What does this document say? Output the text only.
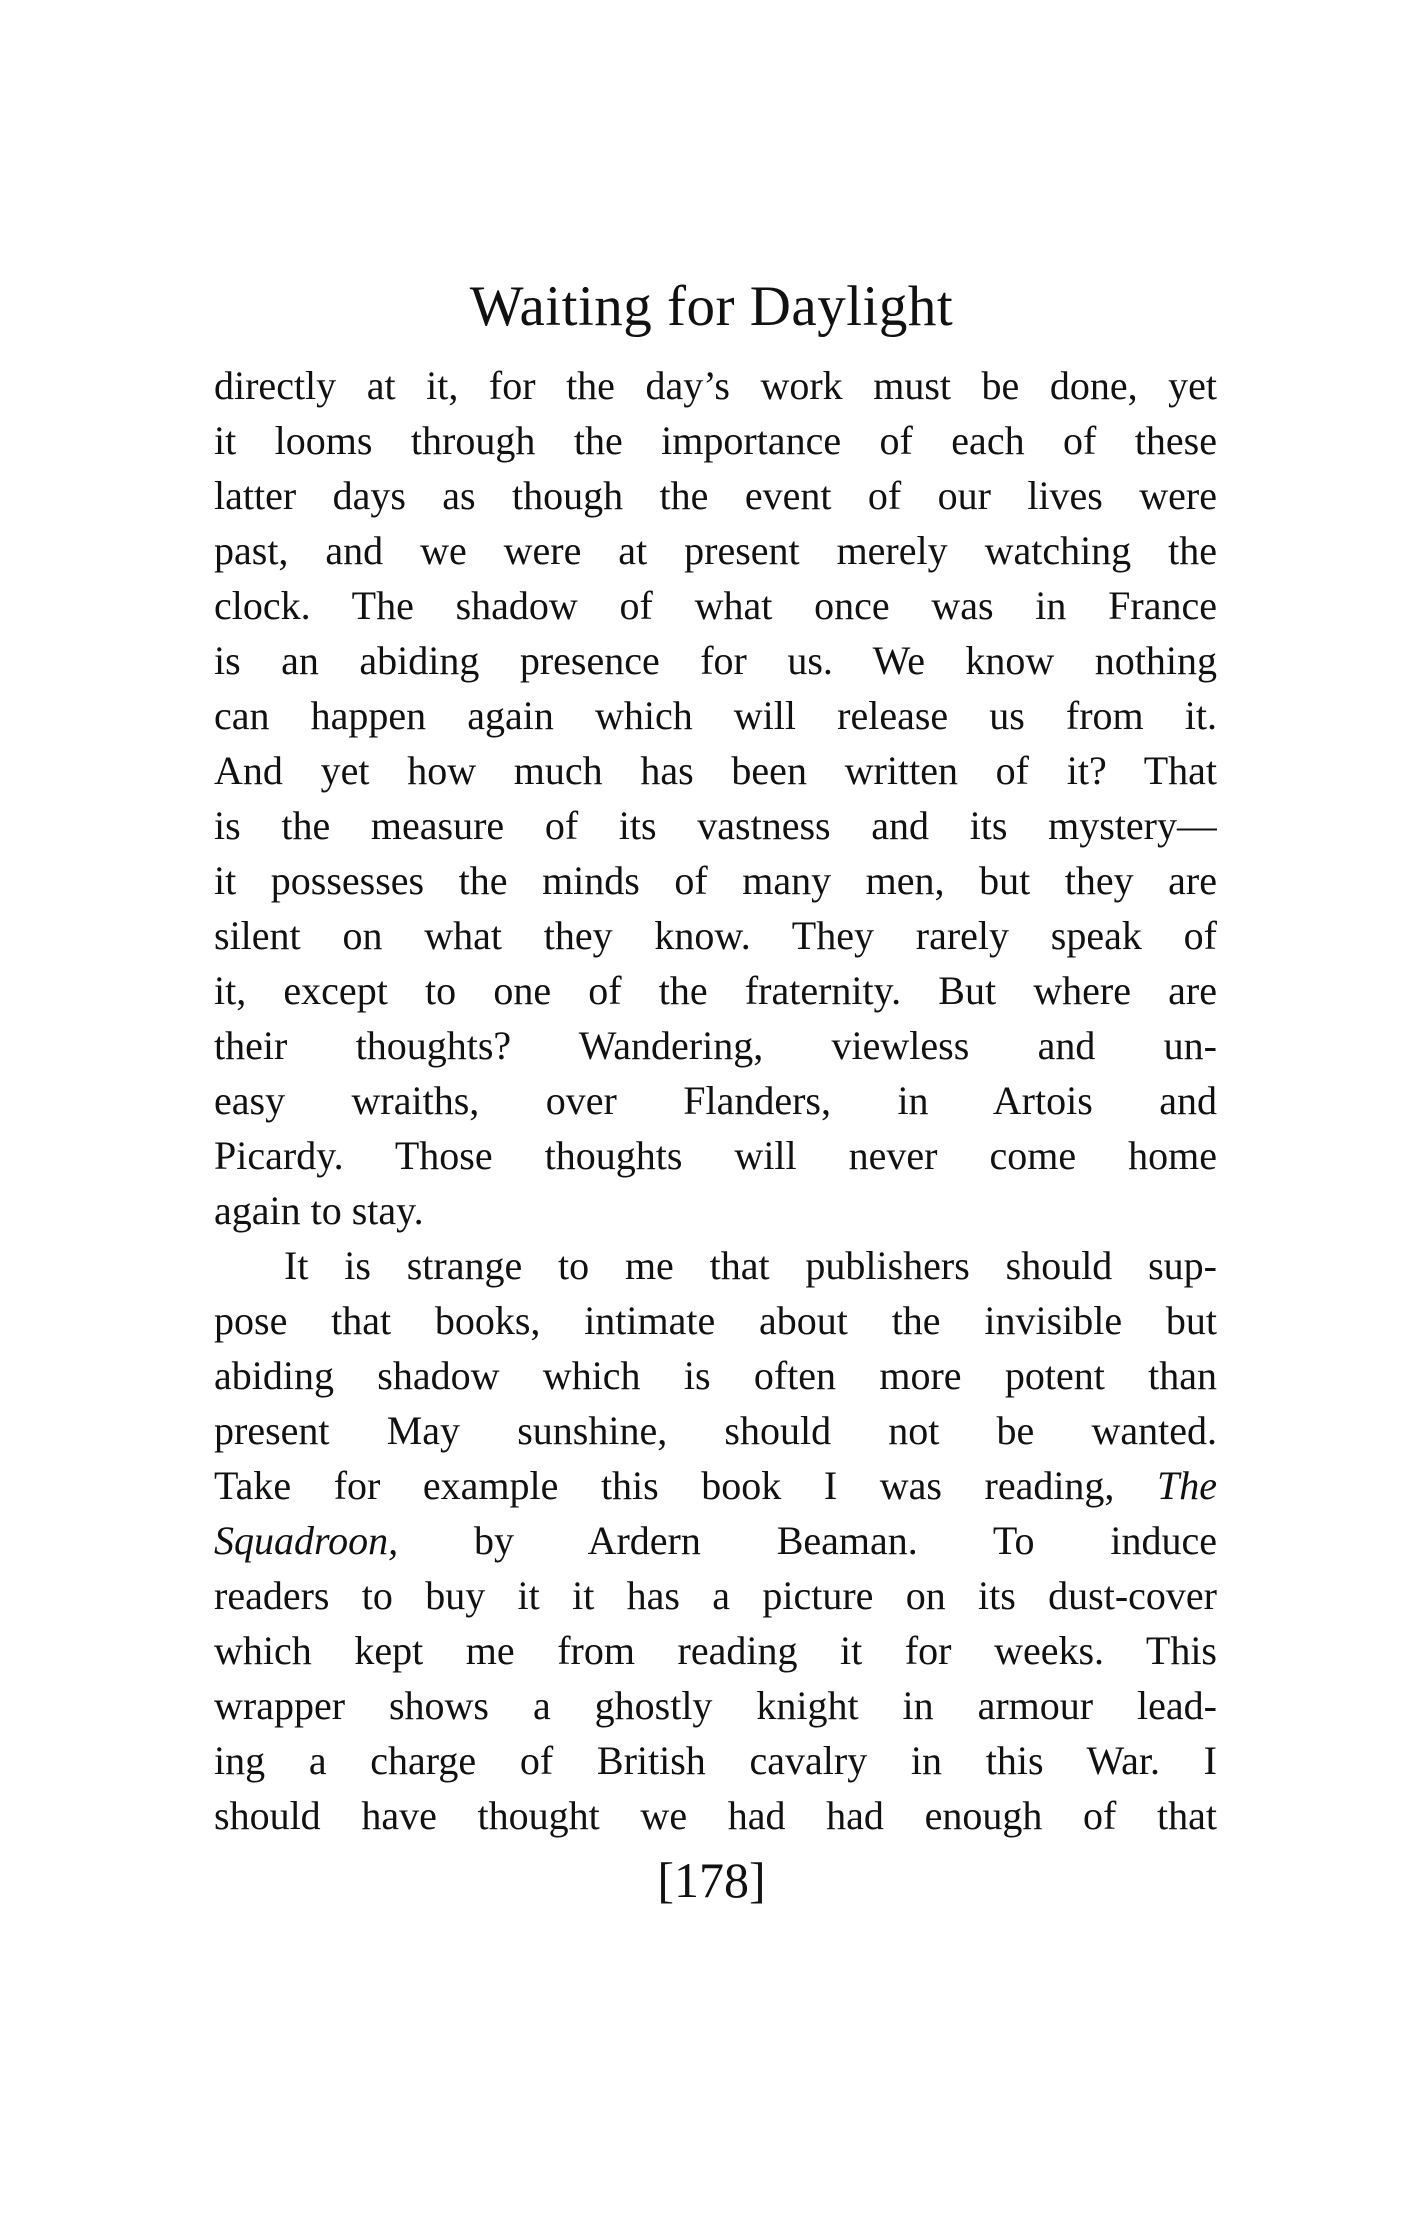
Waiting for Daylight
directly at it, for the day’s work must be done, yet
it looms through the importance of each of these
latter days as though the event of our lives were
past, and we were at present merely watching the
clock. The shadow of what once was in France
is an abiding presence for us. We know nothing
can happen again which will release us from it.
And yet how much has been written of it? That
is the measure of its vastness and its mystery—
it possesses the minds of many men, but they are
silent on what they know. They rarely speak of
it, except to one of the fraternity. But where are
their thoughts? Wandering, viewless and un-
easy wraiths, over Flanders, in Artois and
Picardy. Those thoughts will never come home
again to stay.
It is strange to me that publishers should sup-
pose that books, intimate about the invisible but
abiding shadow which is often more potent than
present May sunshine, should not be wanted.
Take for example this book I was reading, The
Squadroon, by Ardern Beaman. To induce
readers to buy it it has a picture on its dust-cover
which kept me from reading it for weeks. This
wrapper shows a ghostly knight in armour lead-
ing a charge of British cavalry in this War. I
should have thought we had had enough of that
[178]
